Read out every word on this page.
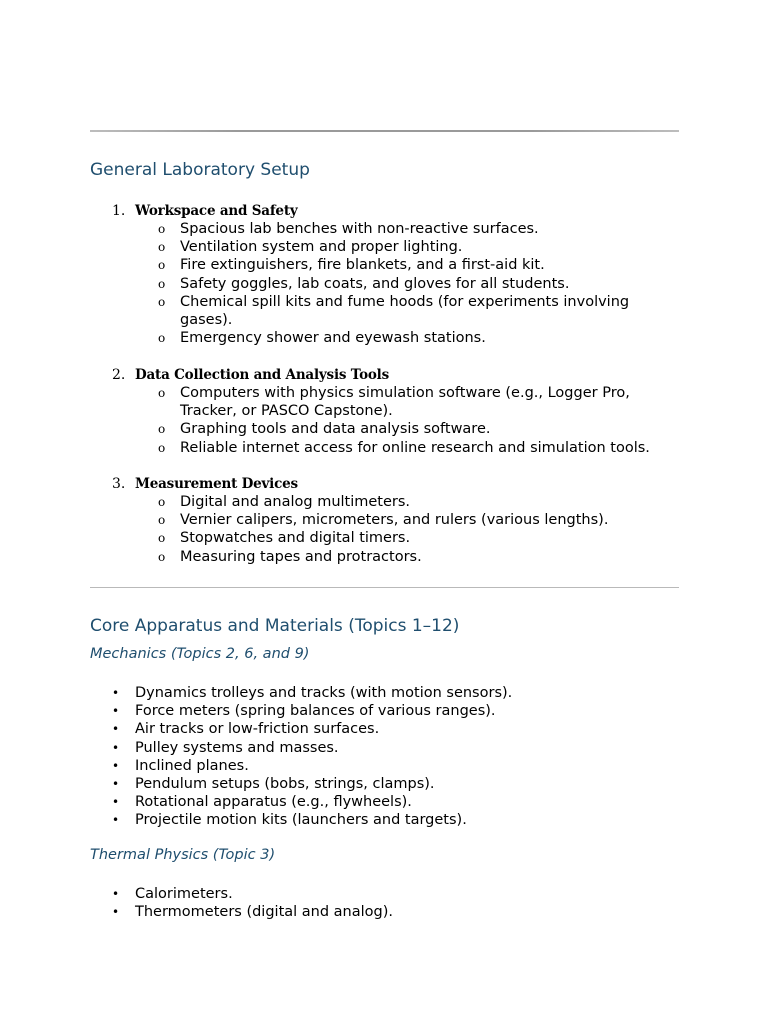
General Laboratory Setup
1. Workspace and Safety
o Spacious lab benches with non-reactive surfaces.
o Ventilation system and proper lighting.
o Fire extinguishers, fire blankets, and a first-aid kit.
o Safety goggles, lab coats, and gloves for all students.
o Chemical spill kits and fume hoods (for experiments involving gases).
o Emergency shower and eyewash stations.
2. Data Collection and Analysis Tools
o Computers with physics simulation software (e.g., Logger Pro, Tracker, or PASCO Capstone).
o Graphing tools and data analysis software.
o Reliable internet access for online research and simulation tools.
3. Measurement Devices
o Digital and analog multimeters.
o Vernier calipers, micrometers, and rulers (various lengths).
o Stopwatches and digital timers.
o Measuring tapes and protractors.
Core Apparatus and Materials (Topics 1–12)
Mechanics (Topics 2, 6, and 9)
• Dynamics trolleys and tracks (with motion sensors).
• Force meters (spring balances of various ranges).
• Air tracks or low-friction surfaces.
• Pulley systems and masses.
• Inclined planes.
• Pendulum setups (bobs, strings, clamps).
• Rotational apparatus (e.g., flywheels).
• Projectile motion kits (launchers and targets).
Thermal Physics (Topic 3)
• Calorimeters.
• Thermometers (digital and analog).
